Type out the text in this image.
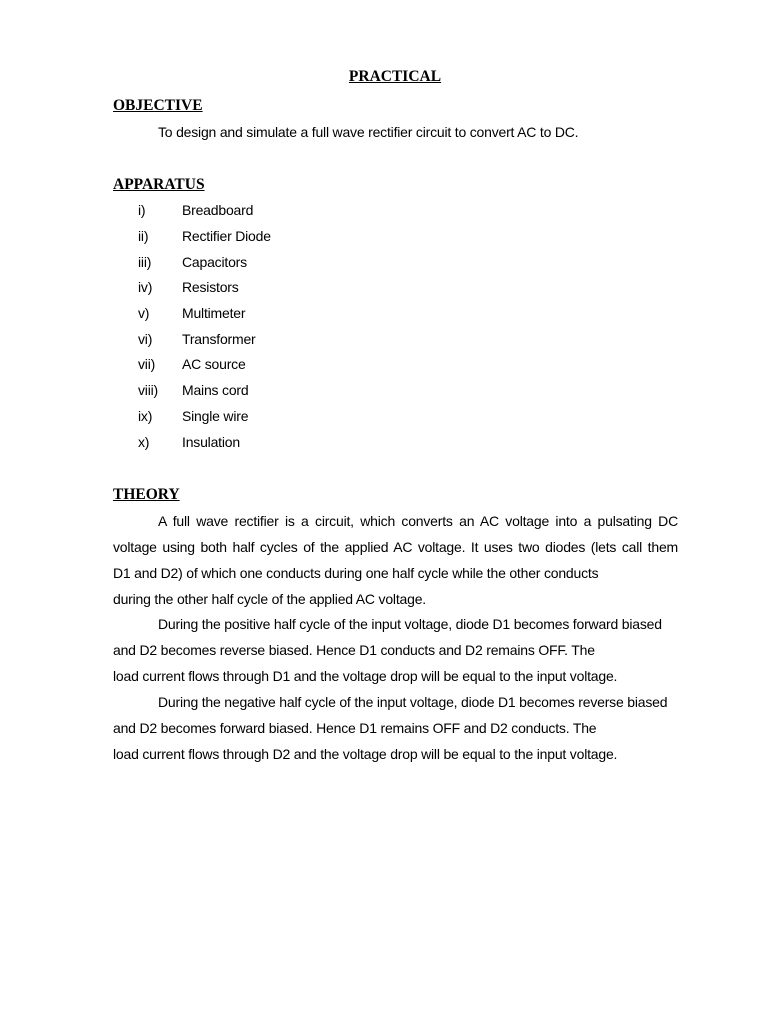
PRACTICAL
OBJECTIVE
To design and simulate a full wave rectifier circuit to convert AC to DC.
APPARATUS
i)	Breadboard
ii) Rectifier Diode
iii) Capacitors
iv) Resistors
v) Multimeter
vi) Transformer
vii) AC source
viii) Mains cord
ix) Single wire
x) Insulation
THEORY
A full wave rectifier is a circuit, which converts an AC voltage into a pulsating DC
voltage using both half cycles of the applied AC voltage. It uses two diodes (lets call them
D1 and D2) of which one conducts during one half cycle while the other conducts
during the other half cycle of the applied AC voltage.
During the positive half cycle of the input voltage, diode D1 becomes forward biased
and D2 becomes reverse biased. Hence D1 conducts and D2 remains OFF. The
load current flows through D1 and the voltage drop will be equal to the input voltage.
During the negative half cycle of the input voltage, diode D1 becomes reverse biased
and D2 becomes forward biased. Hence D1 remains OFF and D2 conducts. The
load current flows through D2 and the voltage drop will be equal to the input voltage.
